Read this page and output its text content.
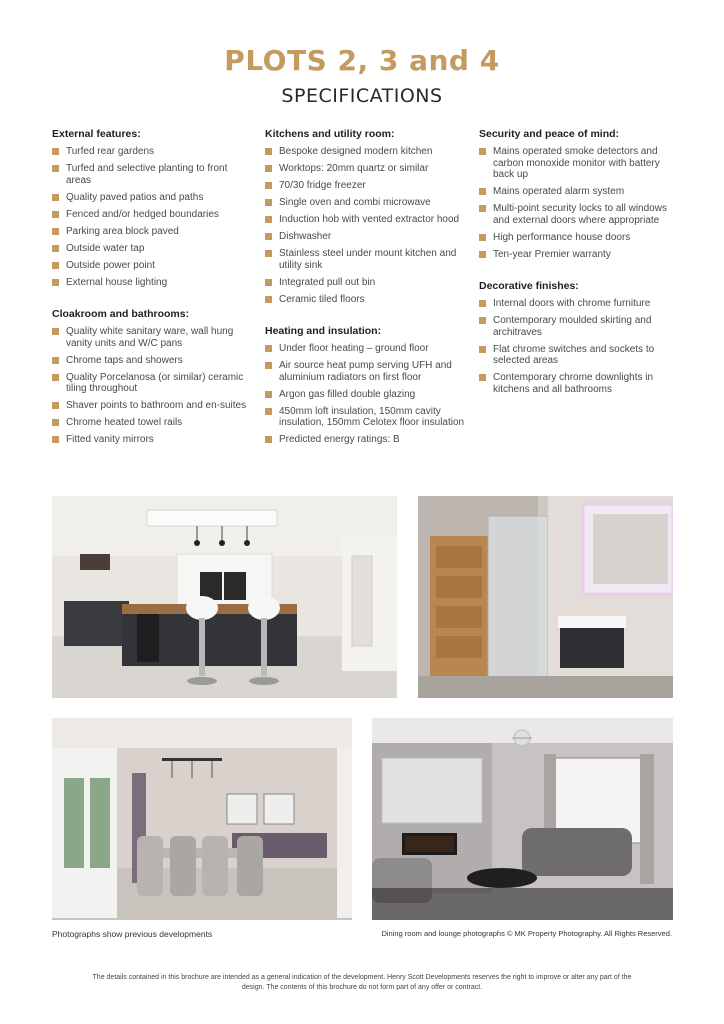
PLOTS 2, 3 and 4
SPECIFICATIONS
External features:
Turfed rear gardens
Turfed and selective planting to front areas
Quality paved patios and paths
Fenced and/or hedged boundaries
Parking area block paved
Outside water tap
Outside power point
External house lighting
Cloakroom and bathrooms:
Quality white sanitary ware, wall hung vanity units and W/C pans
Chrome taps and showers
Quality Porcelanosa (or similar) ceramic tiling throughout
Shaver points to bathroom and en-suites
Chrome heated towel rails
Fitted vanity mirrors
Kitchens and utility room:
Bespoke designed modern kitchen
Worktops: 20mm quartz or similar
70/30 fridge freezer
Single oven and combi microwave
Induction hob with vented extractor hood
Dishwasher
Stainless steel under mount kitchen and utility sink
Integrated pull out bin
Ceramic tiled floors
Heating and insulation:
Under floor heating – ground floor
Air source heat pump serving UFH and aluminium radiators on first floor
Argon gas filled double glazing
450mm loft insulation, 150mm cavity insulation, 150mm Celotex floor insulation
Predicted energy ratings: B
Security and peace of mind:
Mains operated smoke detectors and carbon monoxide monitor with battery back up
Mains operated alarm system
Multi-point security locks to all windows and external doors where appropriate
High performance house doors
Ten-year Premier warranty
Decorative finishes:
Internal doors with chrome furniture
Contemporary moulded skirting and architraves
Flat chrome switches and sockets to selected areas
Contemporary chrome downlights in kitchens and all bathrooms
Photographs show previous developments	Dining room and lounge photographs © MK Property Photography. All Rights Reserved.
The details contained in this brochure are intended as a general indication of the development. Henry Scott Developments reserves the right to improve or alter any part of the design. The contents of this brochure do not form part of any offer or contract.
